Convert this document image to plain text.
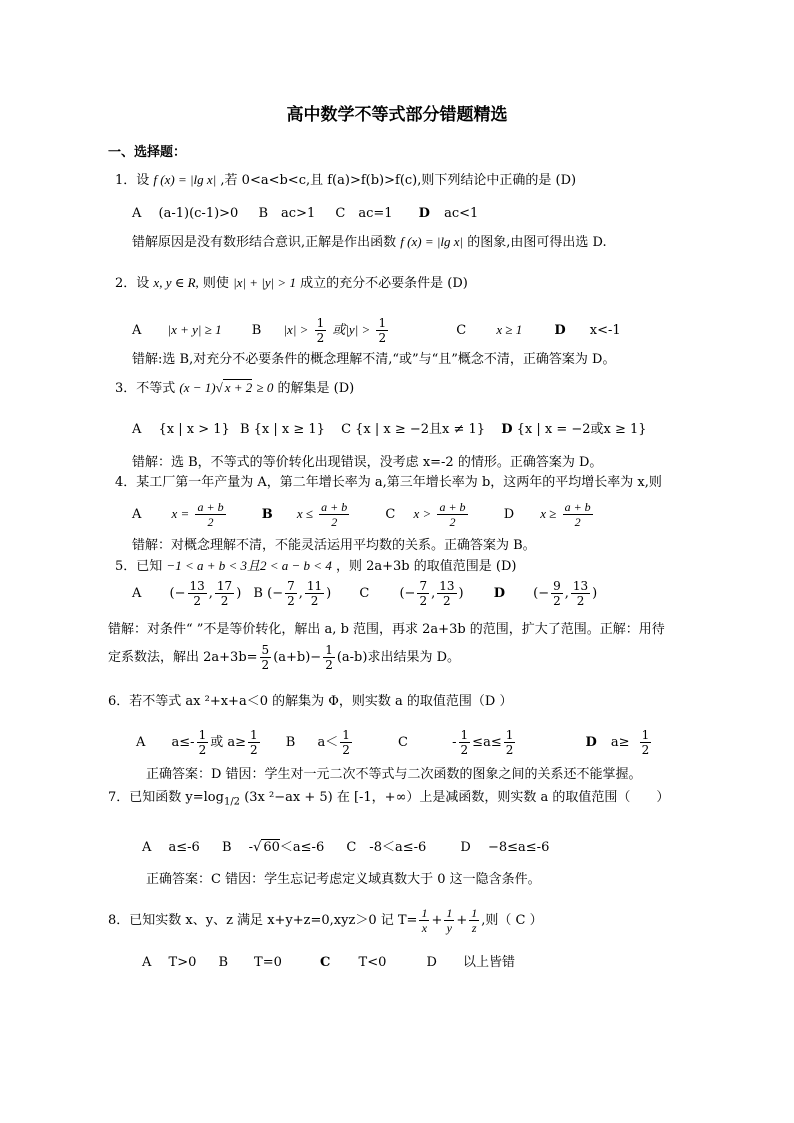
高中数学不等式部分错题精选
一、选择题：
1．设 f (x) = |lg x| ,若 0<a<b<c,且 f(a)>f(b)>f(c),则下列结论中正确的是 (D)
A　 (a-1)(c-1)>0 B　ac>1 C　ac=1 D ac<1
错解原因是没有数形结合意识,正解是作出函数 f (x) = |lg x| 的图象,由图可得出选 D.
2．设 x, y ∈ R, 则使 |x| + |y| > 1 成立的充分不必要条件是 (D)
A |x + y| ≥ 1 B $|x| > \frac{1}{2}$ 或$|y| > \frac{1}{2}$	C x ≥ 1 D x<-1
错解:选 B,对充分不必要条件的概念理解不清,“或”与“且”概念不清，正确答案为 D。
3．不等式 (x − 1)√ x + 2 ≥ 0 的解集是 (D)
A　 {x | x > 1} B {x | x ≥ 1} C {x | x ≥ −2且x ≠ 1} D {x | x = −2或x ≥ 1}
错解：选 B，不等式的等价转化出现错误，没考虑 x=-2 的情形。正确答案为 D。
4．某工厂第一年产量为 A，第二年增长率为 a,第三年增长率为 b，这两年的平均增长率为 x,则
A $x = \frac{a + b}{2}$	B $x \le \frac{a + b}{2}$	C $x > \frac{a + b}{2}$	D $x \ge \frac{a + b}{2}$
错解：对概念理解不清，不能灵活运用平均数的关系。正确答案为 B。
5．已知 −1 < a + b < 3且2 < a − b < 4 ，则 2a+3b 的取值范围是 (D)
A (− $\frac{13}{2}$ , $\frac{17}{2}$ ) B (− $\frac{7}{2}$ , $\frac{11}{2}$ ) C (− $\frac{7}{2}$ , $\frac{13}{2}$ ) D (− $\frac{9}{2}$ , $\frac{13}{2}$ )
错解：对条件“ ”不是等价转化，解出 a, b 范围，再求 2a+3b 的范围，扩大了范围。正解：用待
定系数法，解出 $2a+3b= \frac{5}{2} (a+b)- \frac{1}{2} (a-b)$求出结果为 D。
6．若不等式 ax ²+x+a＜0 的解集为 Φ，则实数 a 的取值范围（D ）
A $a\le- \frac{1}{2}$ 或 $a\ge \frac{1}{2}$ B $a< \frac{1}{2}$	C	- $\frac{1}{2} \le a\le \frac{1}{2}$	D $a\ge \frac{1}{2}$
正确答案：D 错因：学生对一元二次不等式与二次函数的图象之间的关系还不能掌握。
7．已知函数 $y=\log_{1/2}$ (3x ²−ax + 5) 在 [-1，+∞）上是减函数，则实数 a 的取值范围（　　）
A　 a≤-6 B　 -√ 60＜a≤-6 C　-8＜a≤-6	D　 −8≤a≤-6
正确答案：C 错因：学生忘记考虑定义域真数大于 0 这一隐含条件。
8．已知实数 x、y、z 满足 x+y+z=0,xyz＞0 记 $T= \frac{1}{x} + \frac{1}{y} + \frac{1}{z}$ ,则（ C ）
A　 T>0 B　　T=0	C T<0	D　　以上皆错
